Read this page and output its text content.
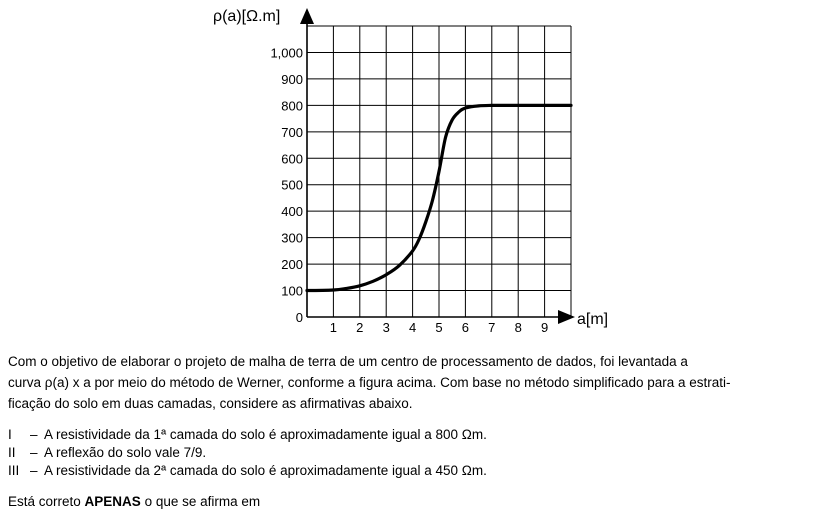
0
100
200
300
400
500
600
700
800
900
1,000
1 2 3 4 5 6 7 8 9
ρ(a)[Ω.m]
a[m]

Com o objetivo de elaborar o projeto de malha de terra de um centro de processamento de dados, foi levantada a

curva ρ(a) x a por meio do método de Werner, conforme a figura acima. Com base no método simplificado para a estrati-

ficação do solo em duas camadas, considere as afirmativas abaixo.

I – A resistividade da 1ª camada do solo é aproximadamente igual a 800 Ωm.
II – A reflexão do solo vale 7/9.
III – A resistividade da 2ª camada do solo é aproximadamente igual a 450 Ωm.
Está correto APENAS o que se afirma em
